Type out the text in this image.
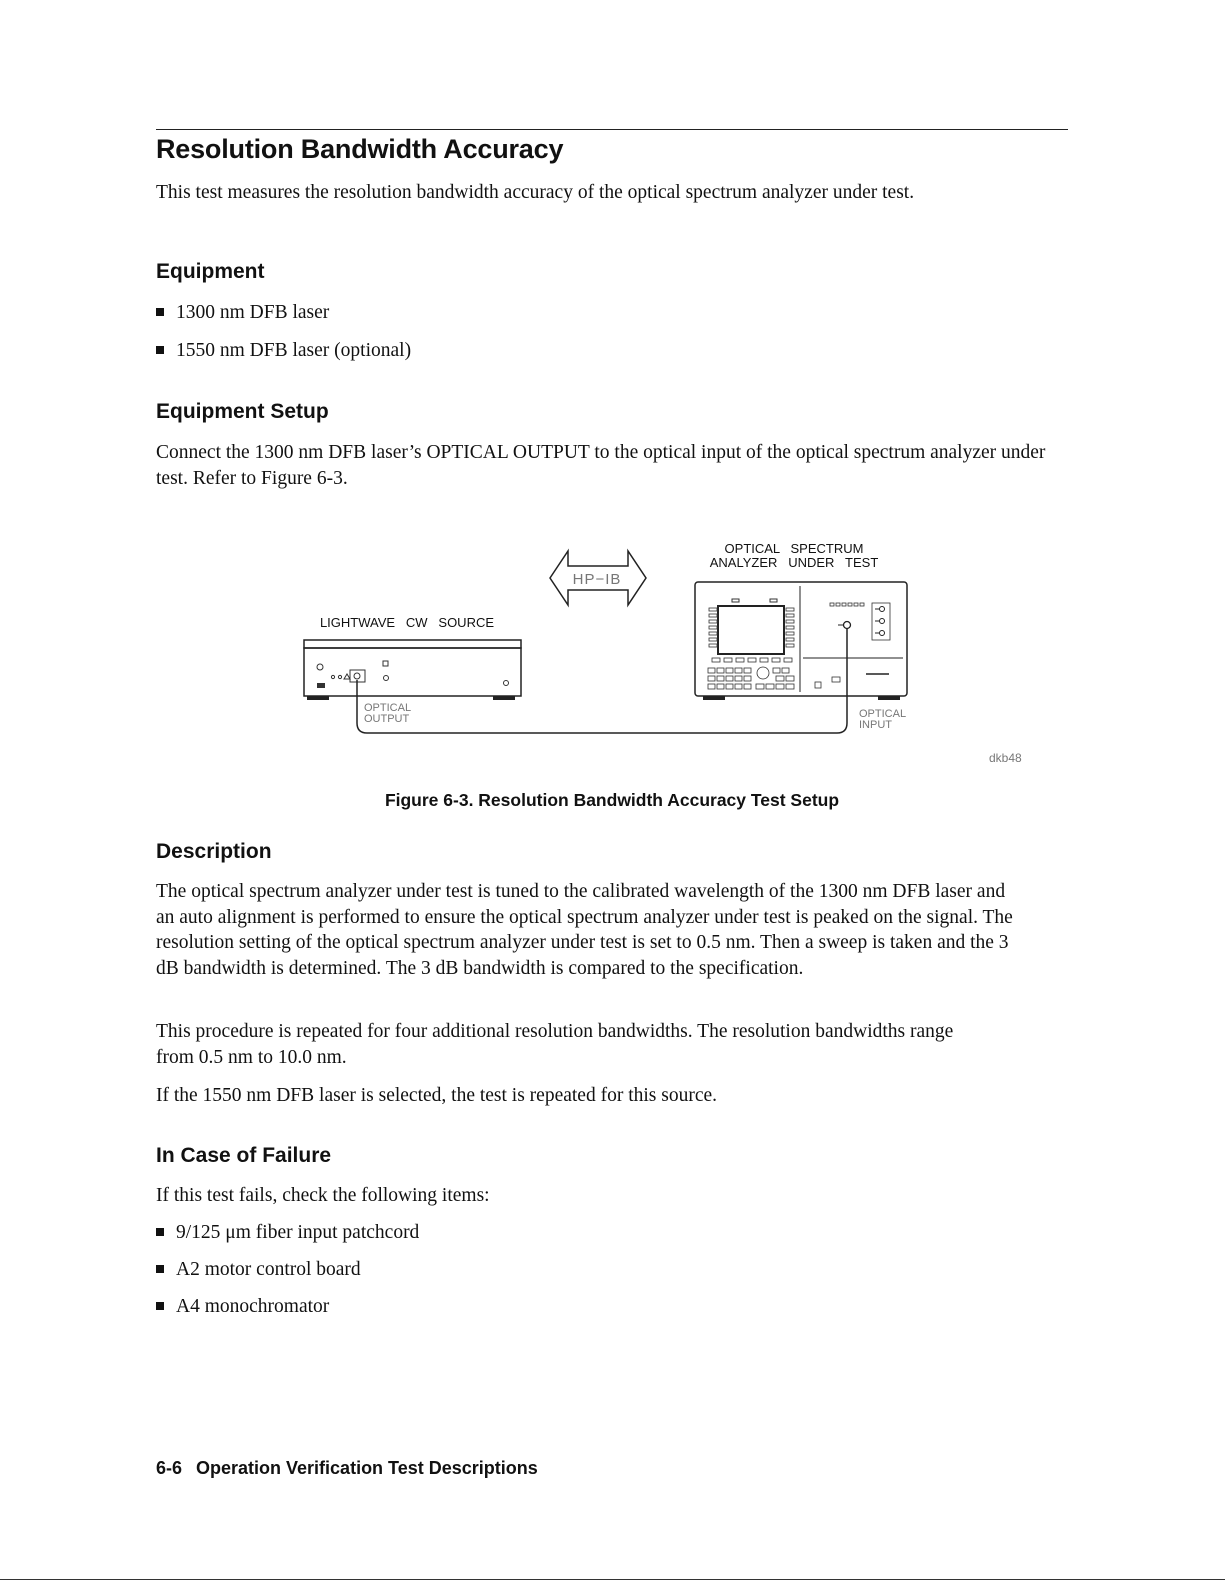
Resolution Bandwidth Accuracy
This test measures the resolution bandwidth accuracy of the optical spectrum analyzer under test.
Equipment
1300 nm DFB laser
1550 nm DFB laser (optional)
Equipment Setup
Connect the 1300 nm DFB laser’s OPTICAL OUTPUT to the optical input of the optical spectrum analyzer under test. Refer to Figure 6-3.
HP−IB
OPTICAL   SPECTRUM
ANALYZER   UNDER   TEST
LIGHTWAVE   CW   SOURCE
OPTICAL
OUTPUT	OPTICAL
INPUT
dkb48
Figure 6-3. Resolution Bandwidth Accuracy Test Setup
Description
The optical spectrum analyzer under test is tuned to the calibrated wavelength of the 1300 nm DFB laser and an auto alignment is performed to ensure the optical spectrum analyzer under test is peaked on the signal. The resolution setting of the optical spectrum analyzer under test is set to 0.5 nm. Then a sweep is taken and the 3 dB bandwidth is determined. The 3 dB bandwidth is compared to the specification.
This procedure is repeated for four additional resolution bandwidths. The resolution bandwidths range from 0.5 nm to 10.0 nm.
If the 1550 nm DFB laser is selected, the test is repeated for this source.
In Case of Failure
If this test fails, check the following items:
9/125 μm fiber input patchcord
A2 motor control board
A4 monochromator
6-6 Operation Verification Test Descriptions
